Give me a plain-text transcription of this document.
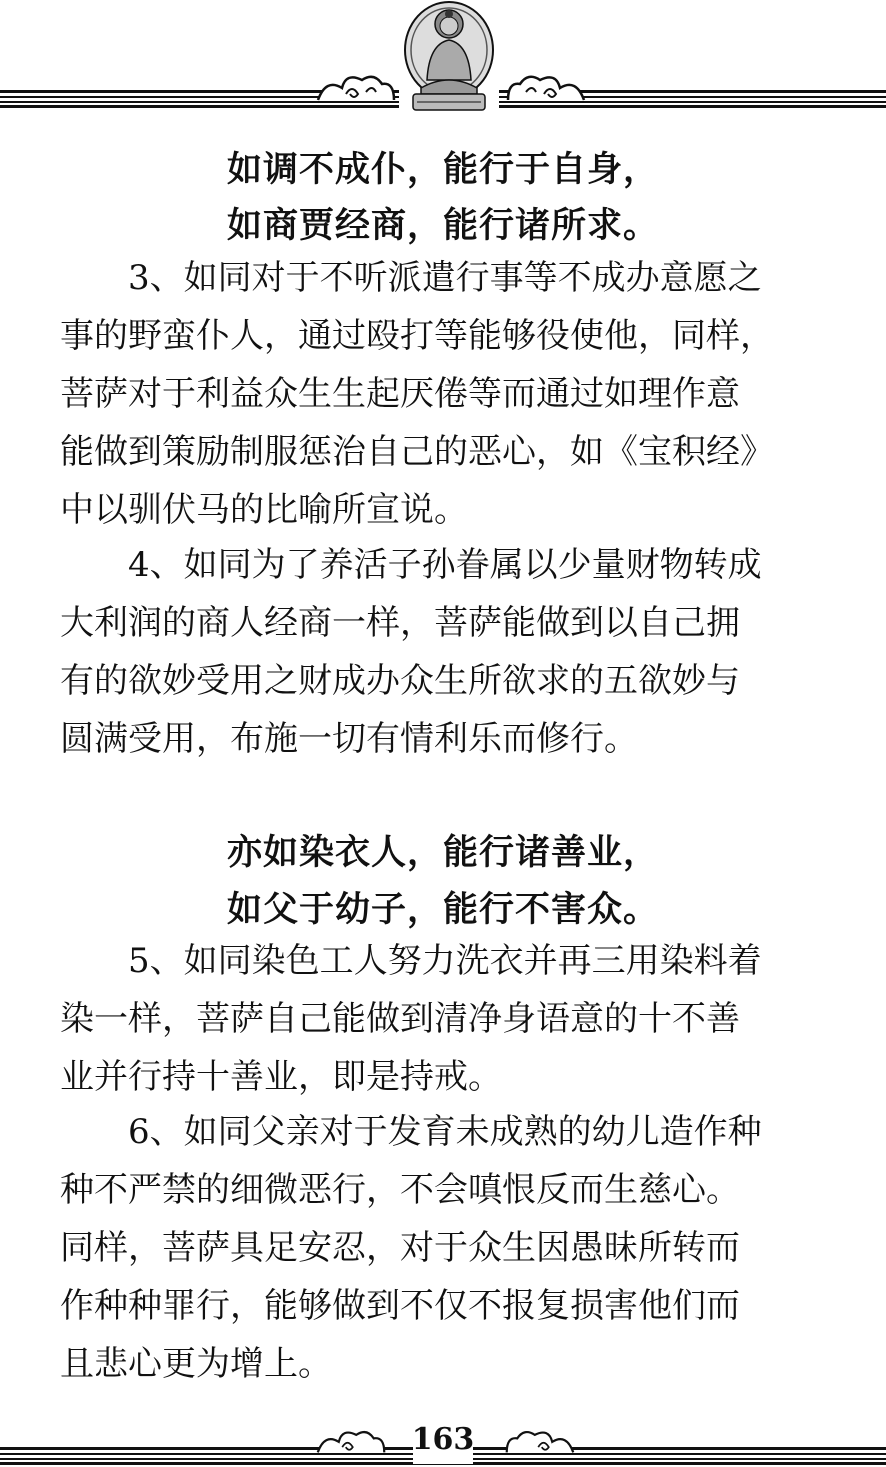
如调不成仆，能行于自身，
如商贾经商，能行诸所求。
3、如同对于不听派遣行事等不成办意愿之
事的野蛮仆人，通过殴打等能够役使他，同样，
菩萨对于利益众生生起厌倦等而通过如理作意
能做到策励制服惩治自己的恶心，如《宝积经》
中以驯伏马的比喻所宣说。
4、如同为了养活子孙眷属以少量财物转成
大利润的商人经商一样，菩萨能做到以自己拥
有的欲妙受用之财成办众生所欲求的五欲妙与
圆满受用，布施一切有情利乐而修行。
亦如染衣人，能行诸善业，
如父于幼子，能行不害众。
5、如同染色工人努力洗衣并再三用染料着
染一样，菩萨自己能做到清净身语意的十不善
业并行持十善业，即是持戒。
6、如同父亲对于发育未成熟的幼儿造作种
种不严禁的细微恶行，不会嗔恨反而生慈心。
同样，菩萨具足安忍，对于众生因愚昧所转而
作种种罪行，能够做到不仅不报复损害他们而
且悲心更为增上。
163
